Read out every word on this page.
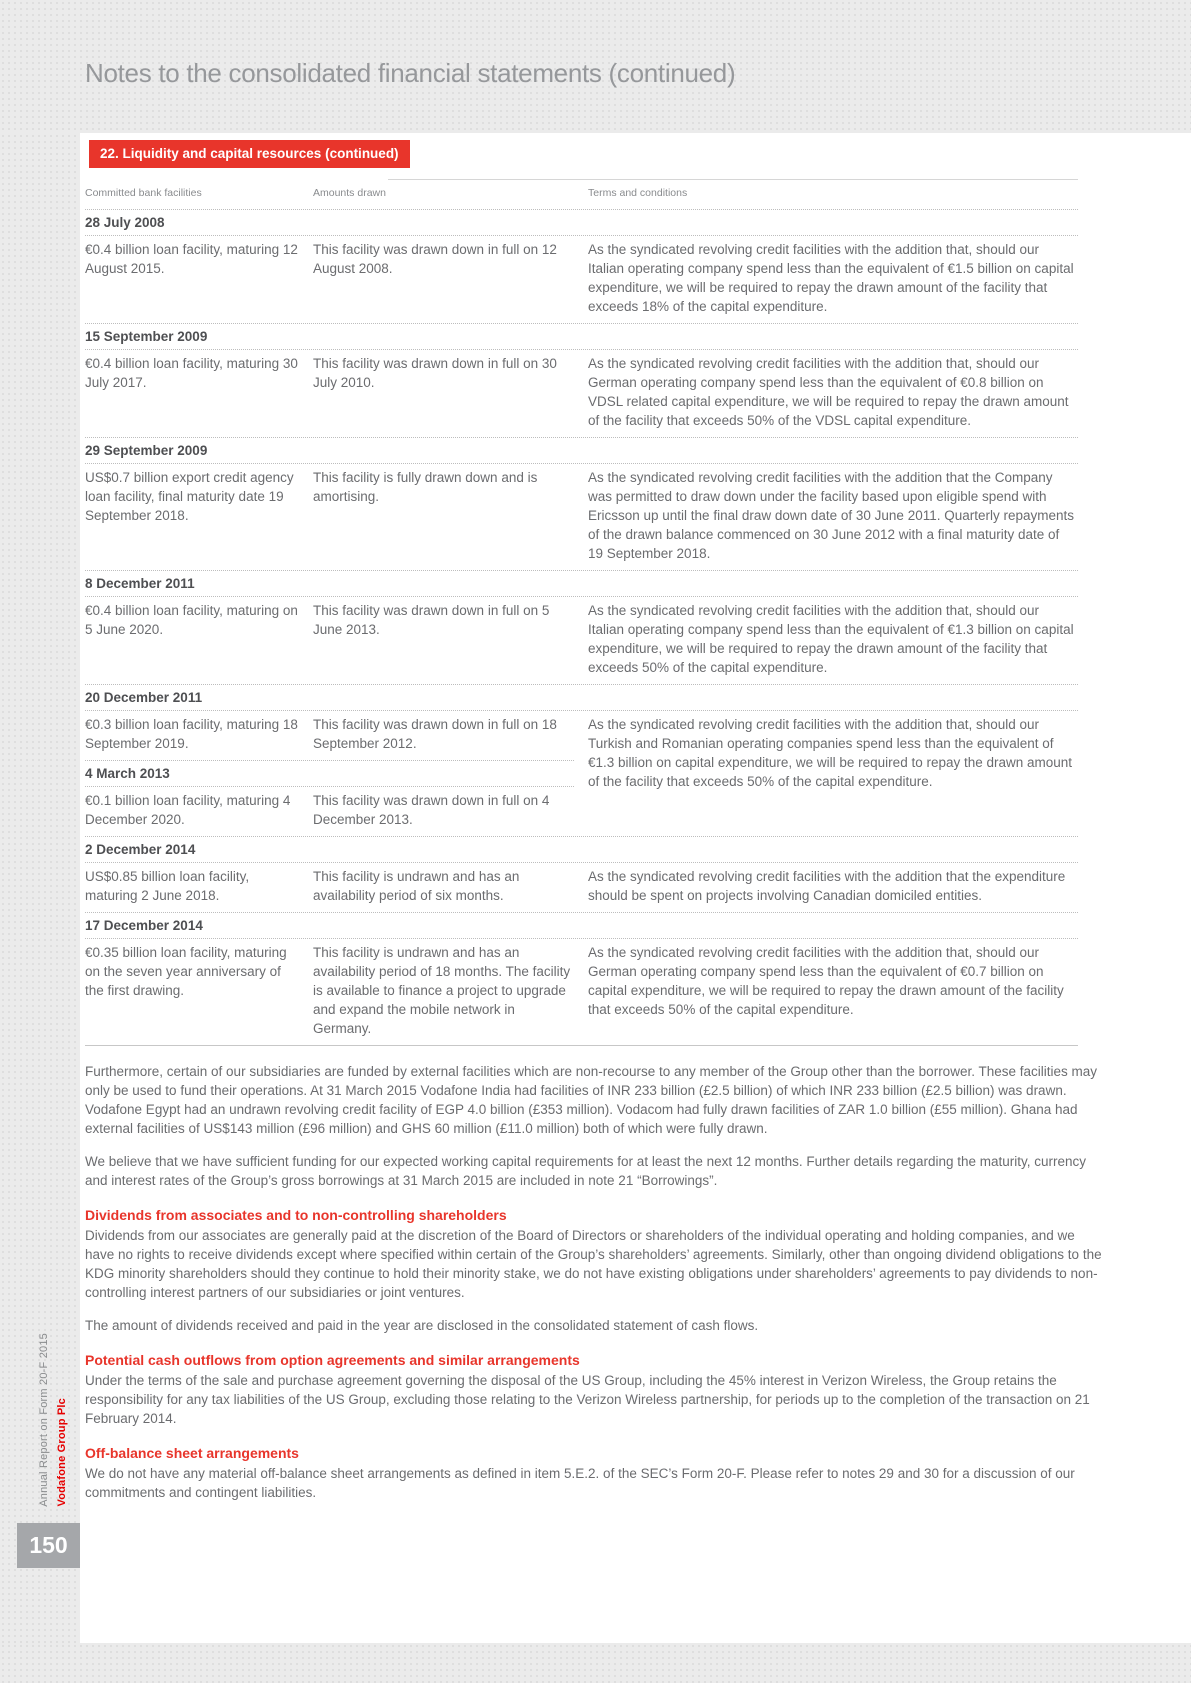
Notes to the consolidated financial statements (continued)
Annual Report on Form 20-F 2015 Vodafone Group Plc
150
22. Liquidity and capital resources (continued)
Committed bank facilities	Amounts drawn	Terms and conditions
28 July 2008
€0.4 billion loan facility, maturing 12 August 2015.
This facility was drawn down in full on 12 August 2008.
As the syndicated revolving credit facilities with the addition that, should our Italian operating company spend less than the equivalent of €1.5 billion on capital expenditure, we will be required to repay the drawn amount of the facility that exceeds 18% of the capital expenditure.
15 September 2009
€0.4 billion loan facility, maturing 30 July 2017.
This facility was drawn down in full on 30 July 2010.
As the syndicated revolving credit facilities with the addition that, should our German operating company spend less than the equivalent of €0.8 billion on VDSL related capital expenditure, we will be required to repay the drawn amount of the facility that exceeds 50% of the VDSL capital expenditure.
29 September 2009
US$0.7 billion export credit agency loan facility, final maturity date 19 September 2018.
This facility is fully drawn down and is amortising.
As the syndicated revolving credit facilities with the addition that the Company was permitted to draw down under the facility based upon eligible spend with Ericsson up until the final draw down date of 30 June 2011. Quarterly repayments of the drawn balance commenced on 30 June 2012 with a final maturity date of 19 September 2018.
8 December 2011
€0.4 billion loan facility, maturing on 5 June 2020.
This facility was drawn down in full on 5 June 2013.
As the syndicated revolving credit facilities with the addition that, should our Italian operating company spend less than the equivalent of €1.3 billion on capital expenditure, we will be required to repay the drawn amount of the facility that exceeds 50% of the capital expenditure.
20 December 2011
€0.3 billion loan facility, maturing 18 September 2019.
This facility was drawn down in full on 18 September 2012.
4 March 2013
€0.1 billion loan facility, maturing 4 December 2020.
This facility was drawn down in full on 4 December 2013.
As the syndicated revolving credit facilities with the addition that, should our Turkish and Romanian operating companies spend less than the equivalent of €1.3 billion on capital expenditure, we will be required to repay the drawn amount of the facility that exceeds 50% of the capital expenditure.
2 December 2014
US$0.85 billion loan facility, maturing 2 June 2018.
This facility is undrawn and has an availability period of six months.
As the syndicated revolving credit facilities with the addition that the expenditure should be spent on projects involving Canadian domiciled entities.
17 December 2014
€0.35 billion loan facility, maturing on the seven year anniversary of the first drawing.
This facility is undrawn and has an availability period of 18 months. The facility is available to finance a project to upgrade and expand the mobile network in Germany.
As the syndicated revolving credit facilities with the addition that, should our German operating company spend less than the equivalent of €0.7 billion on capital expenditure, we will be required to repay the drawn amount of the facility that exceeds 50% of the capital expenditure.

Furthermore, certain of our subsidiaries are funded by external facilities which are non-recourse to any member of the Group other than the borrower. These facilities may only be used to fund their operations. At 31 March 2015 Vodafone India had facilities of INR 233 billion (£2.5 billion) of which INR 233 billion (£2.5 billion) was drawn. Vodafone Egypt had an undrawn revolving credit facility of EGP 4.0 billion (£353 million). Vodacom had fully drawn facilities of ZAR 1.0 billion (£55 million). Ghana had external facilities of US$143 million (£96 million) and GHS 60 million (£11.0 million) both of which were fully drawn.

We believe that we have sufficient funding for our expected working capital requirements for at least the next 12 months. Further details regarding the maturity, currency and interest rates of the Group’s gross borrowings at 31 March 2015 are included in note 21 “Borrowings”.

Dividends from associates and to non-controlling shareholders

Dividends from our associates are generally paid at the discretion of the Board of Directors or shareholders of the individual operating and holding companies, and we have no rights to receive dividends except where specified within certain of the Group’s shareholders’ agreements. Similarly, other than ongoing dividend obligations to the KDG minority shareholders should they continue to hold their minority stake, we do not have existing obligations under shareholders’ agreements to pay dividends to non-controlling interest partners of our subsidiaries or joint ventures.

The amount of dividends received and paid in the year are disclosed in the consolidated statement of cash flows.

Potential cash outflows from option agreements and similar arrangements

Under the terms of the sale and purchase agreement governing the disposal of the US Group, including the 45% interest in Verizon Wireless, the Group retains the responsibility for any tax liabilities of the US Group, excluding those relating to the Verizon Wireless partnership, for periods up to the completion of the transaction on 21 February 2014.

Off-balance sheet arrangements

We do not have any material off-balance sheet arrangements as defined in item 5.E.2. of the SEC’s Form 20-F. Please refer to notes 29 and 30 for a discussion of our commitments and contingent liabilities.
